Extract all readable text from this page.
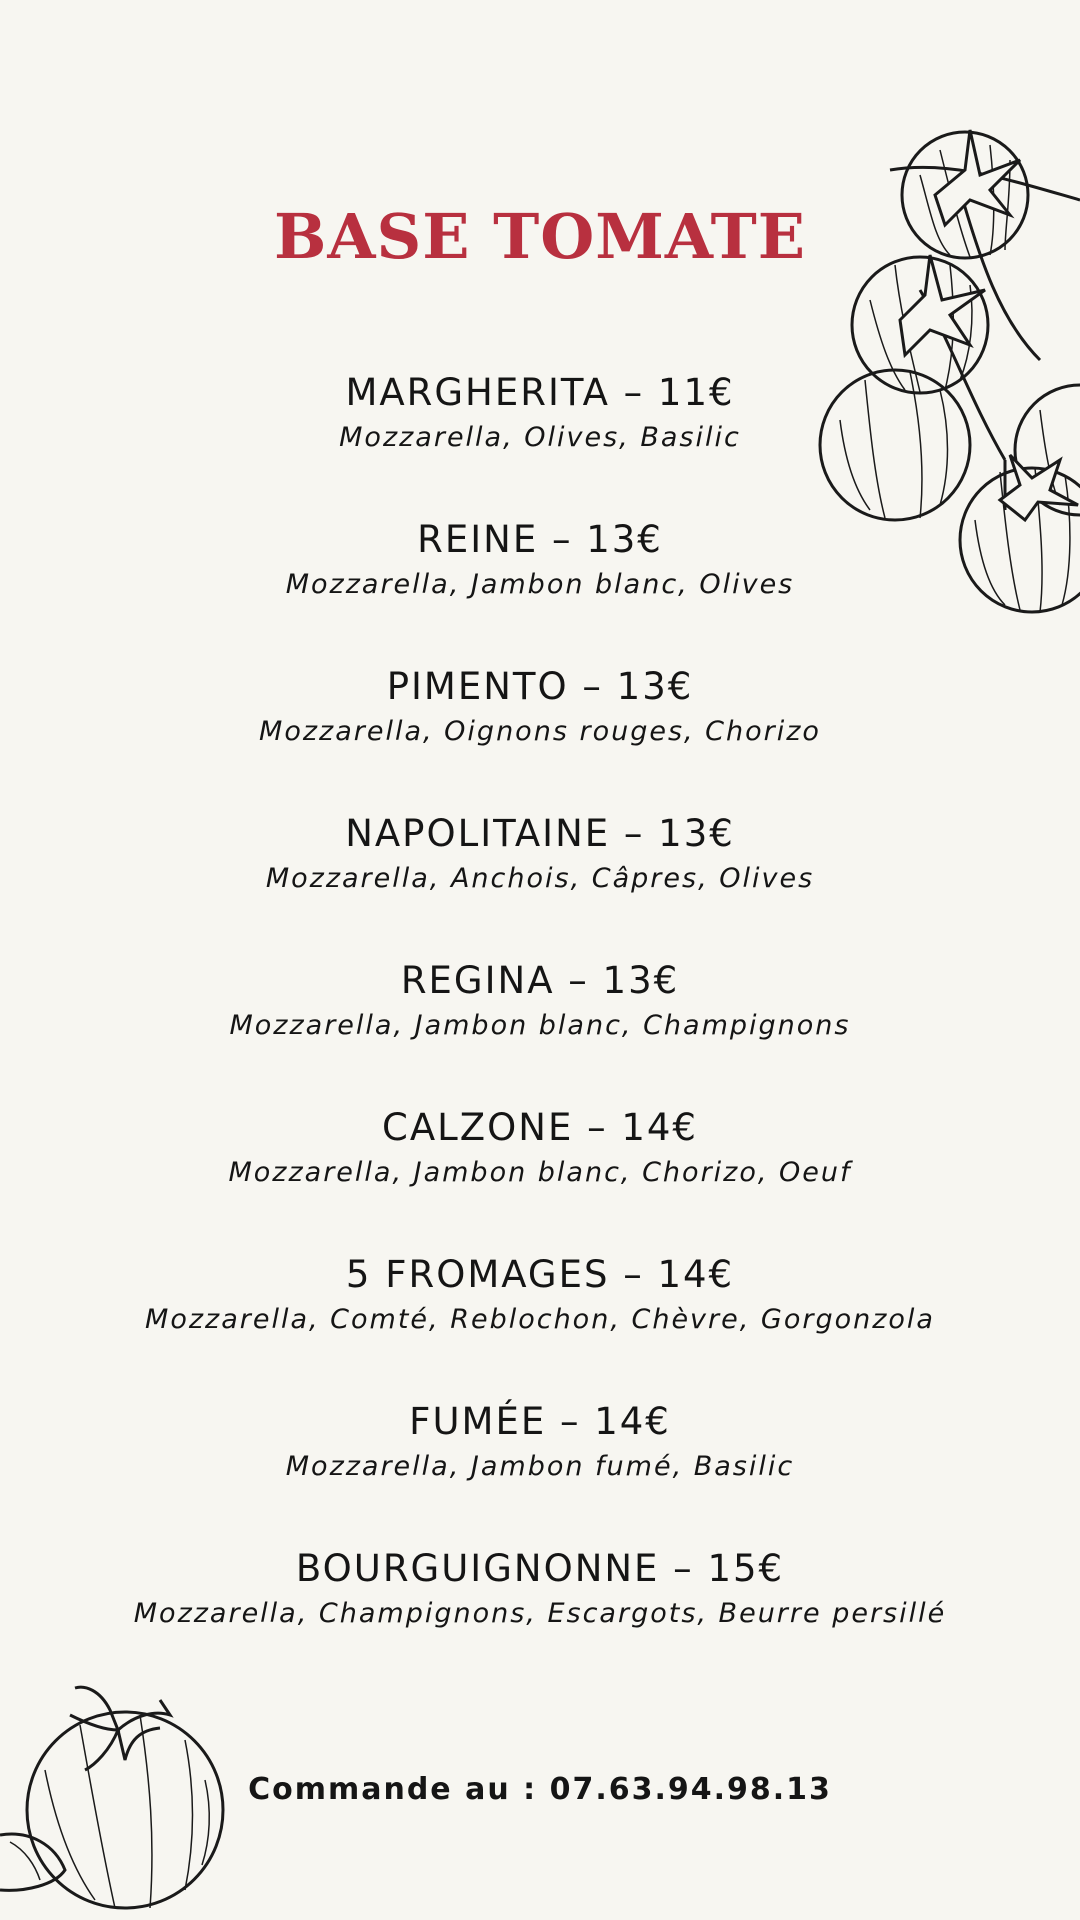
BASE TOMATE
MARGHERITA – 11€
Mozzarella, Olives, Basilic
REINE – 13€
Mozzarella, Jambon blanc, Olives
PIMENTO – 13€
Mozzarella, Oignons rouges, Chorizo
NAPOLITAINE – 13€
Mozzarella, Anchois, Câpres, Olives
REGINA – 13€
Mozzarella, Jambon blanc, Champignons
CALZONE – 14€
Mozzarella, Jambon blanc, Chorizo, Oeuf
5 FROMAGES – 14€
Mozzarella, Comté, Reblochon, Chèvre, Gorgonzola
FUMÉE – 14€
Mozzarella, Jambon fumé, Basilic
BOURGUIGNONNE – 15€
Mozzarella, Champignons, Escargots, Beurre persillé
Commande au : 07.63.94.98.13
